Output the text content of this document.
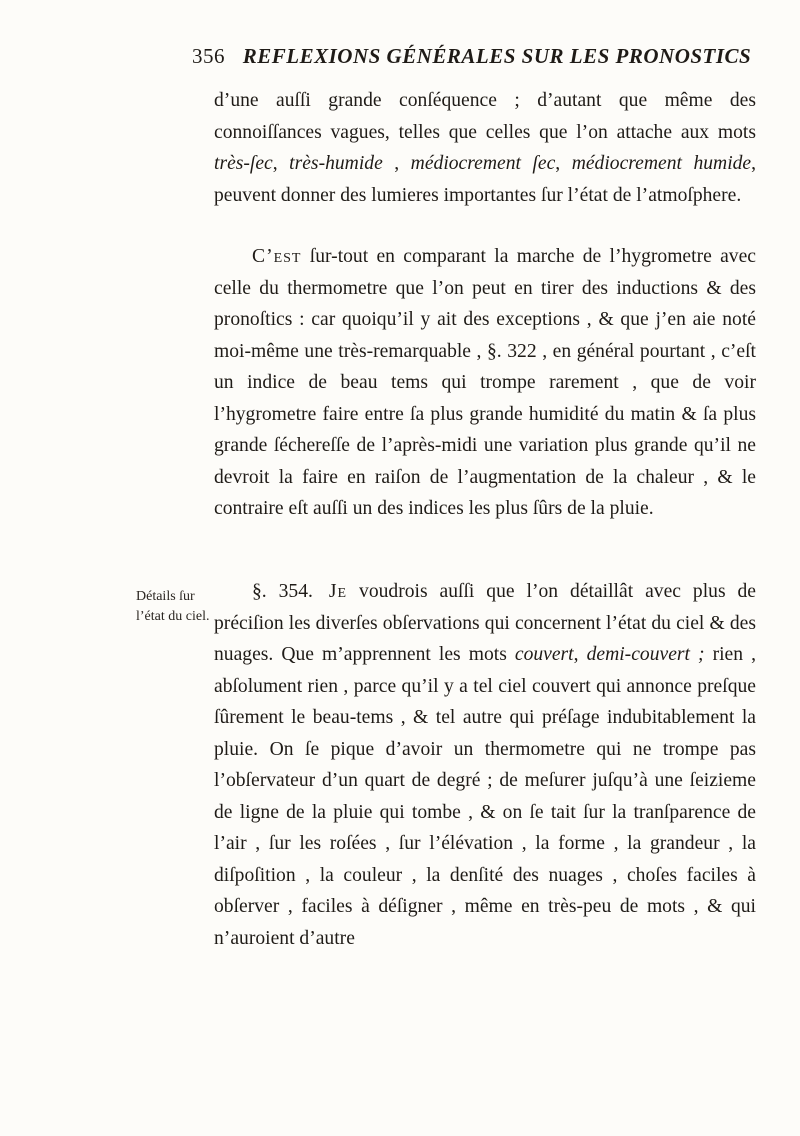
356 REFLEXIONS GÉNÉRALES SUR LES PRONOSTICS
d’une auſſi grande conſéquence ; d’autant que même des connoiſſances vagues, telles que celles que l’on attache aux mots très-ſec, très-humide , médiocrement ſec, médiocrement humide, peuvent donner des lumieres importantes ſur l’état de l’atmoſphere.
C’est ſur-tout en comparant la marche de l’hygrometre avec celle du thermometre que l’on peut en tirer des inductions & des pronoſtics : car quoiqu’il y ait des exceptions , & que j’en aie noté moi-même une très-remarquable , §. 322 , en général pourtant , c’eſt un indice de beau tems qui trompe rarement , que de voir l’hygrometre faire entre ſa plus grande humidité du matin & ſa plus grande ſéchereſſe de l’après-midi une variation plus grande qu’il ne devroit la faire en raiſon de l’augmentation de la chaleur , & le contraire eſt auſſi un des indices les plus ſûrs de la pluie.
Détails ſur l’état du ciel.
§. 354. Je voudrois auſſi que l’on détaillât avec plus de préciſion les diverſes obſervations qui concernent l’état du ciel & des nuages. Que m’apprennent les mots couvert, demi-couvert ; rien , abſolument rien , parce qu’il y a tel ciel couvert qui annonce preſque ſûrement le beau-tems , & tel autre qui préſage indubitablement la pluie. On ſe pique d’avoir un thermometre qui ne trompe pas l’obſervateur d’un quart de degré ; de meſurer juſqu’à une ſeizieme de ligne de la pluie qui tombe , & on ſe tait ſur la tranſparence de l’air , ſur les roſées , ſur l’élévation , la forme , la grandeur , la diſpoſition , la couleur , la denſité des nuages , choſes faciles à obſerver , faciles à déſigner , même en très-peu de mots , & qui n’auroient d’autre
